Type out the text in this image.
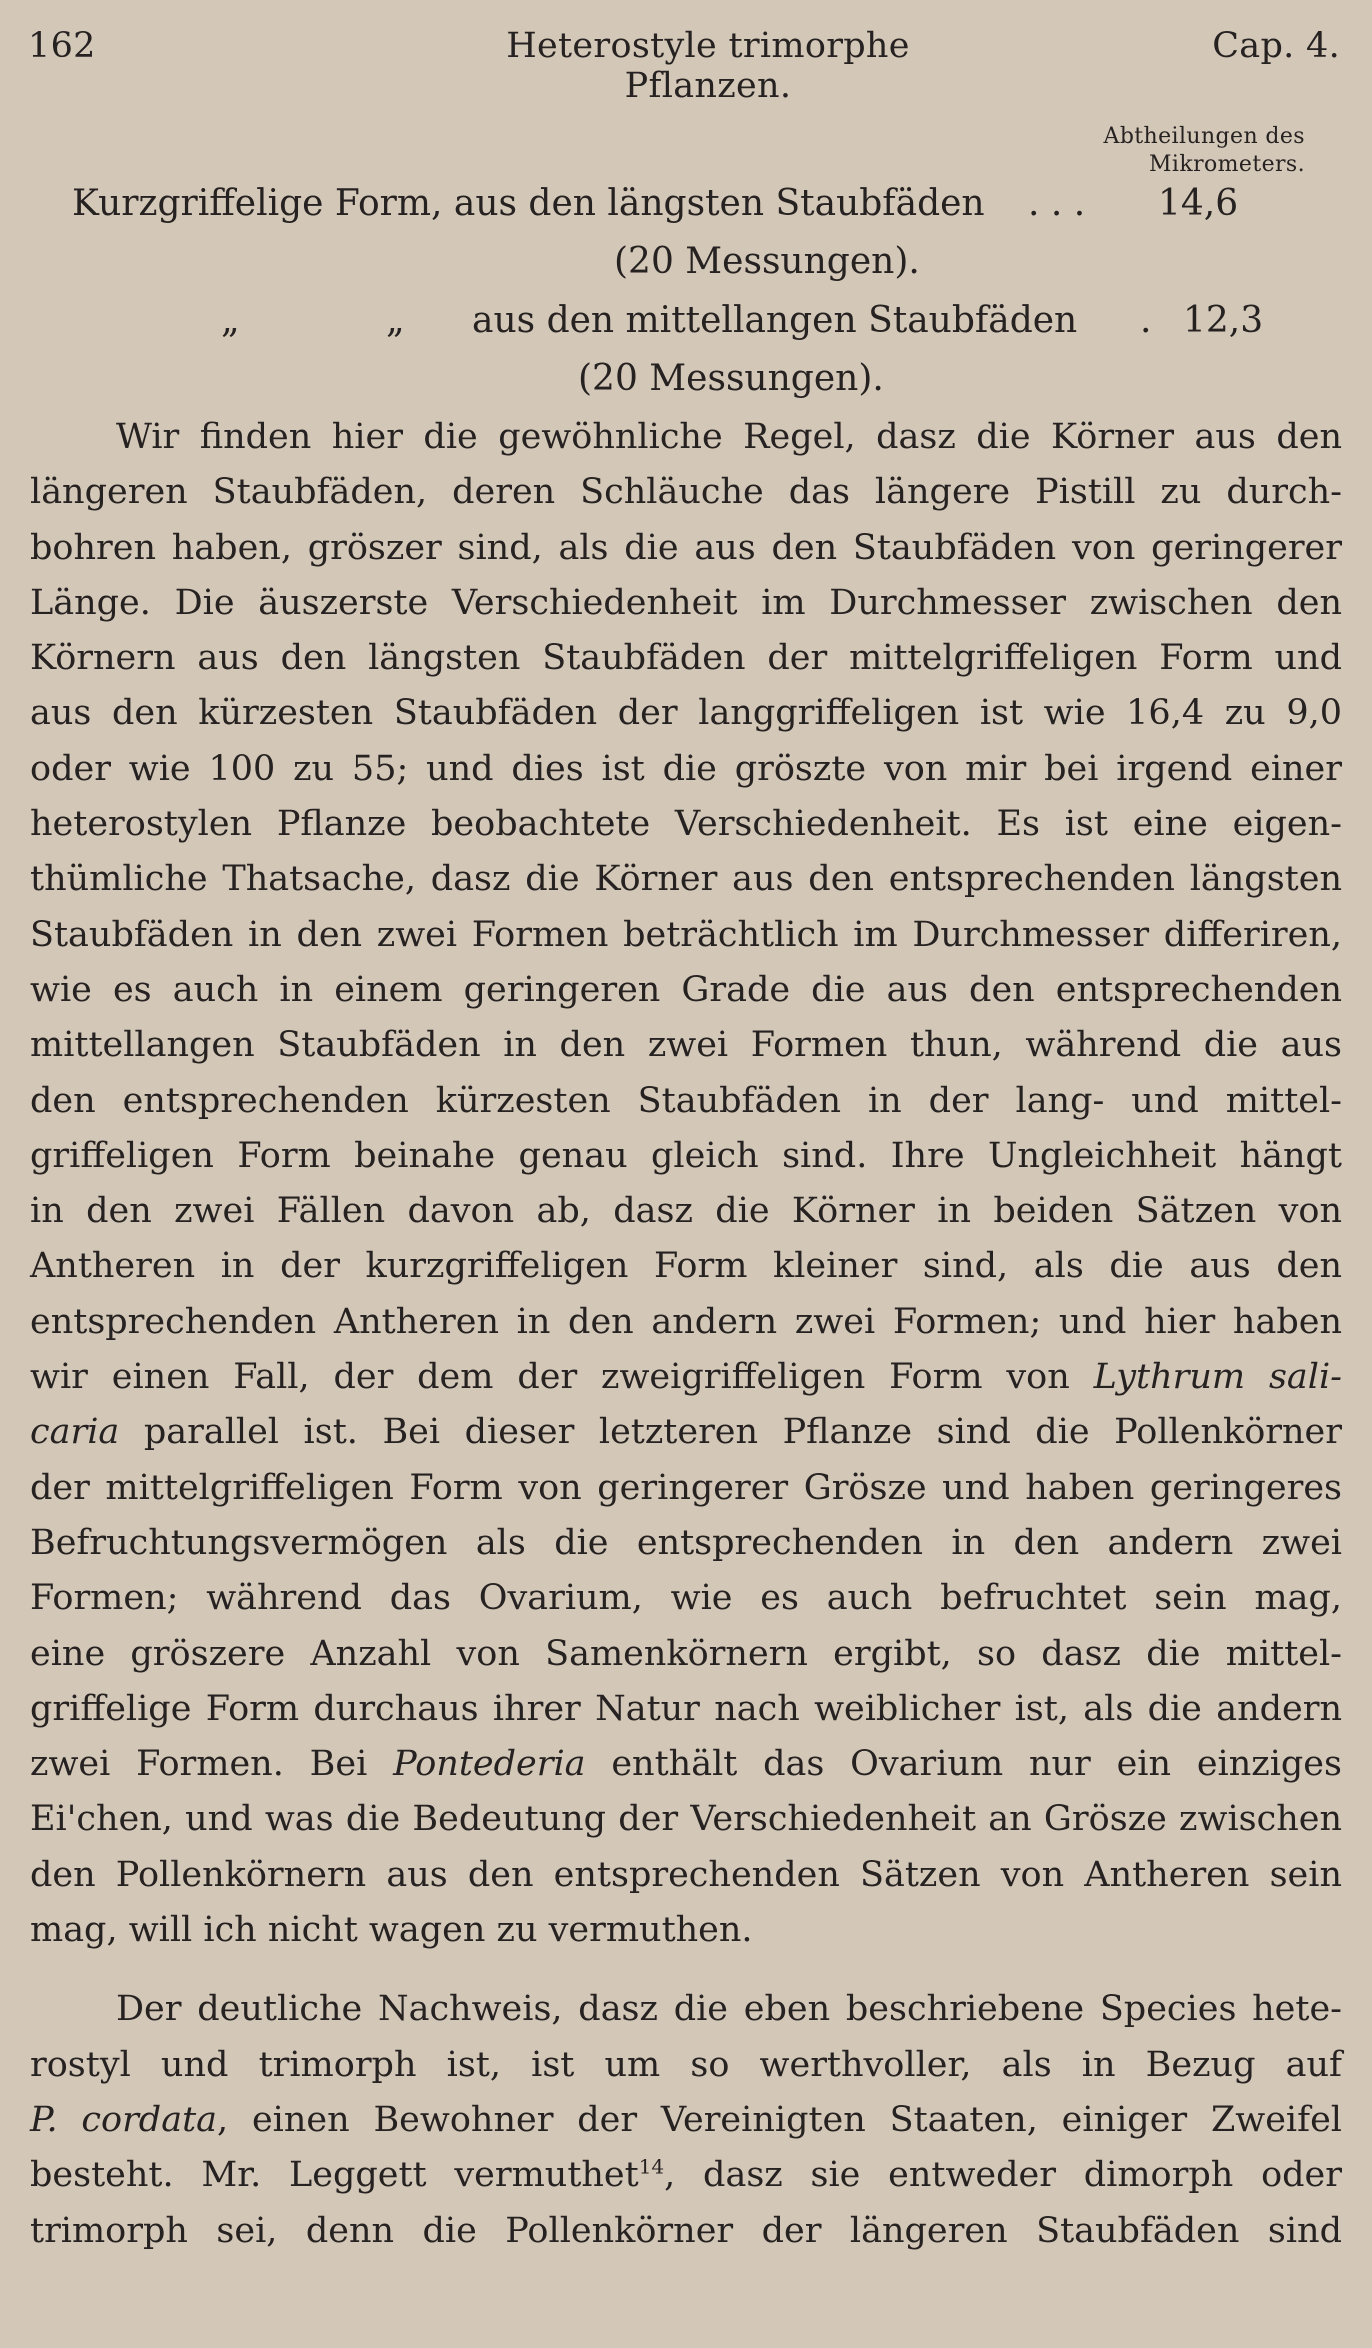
162	Heterostyle trimorphe Pflanzen.
Cap. 4.
Abtheilungen des
Mikrometers.
Kurzgriffelige Form, aus den längsten Staubfäden . . . 14,6
(20 Messungen).
„	„ aus den mittellangen Staubfäden . 12,3
(20 Messungen).
Wir finden hier die gewöhnliche Regel, dasz die Körner aus den
längeren Staubfäden, deren Schläuche das längere Pistill zu durch-
bohren haben, gröszer sind, als die aus den Staubfäden von geringerer
Länge. Die äuszerste Verschiedenheit im Durchmesser zwischen den
Körnern aus den längsten Staubfäden der mittelgriffeligen Form und
aus den kürzesten Staubfäden der langgriffeligen ist wie 16,4 zu 9,0
oder wie 100 zu 55; und dies ist die gröszte von mir bei irgend einer
heterostylen Pflanze beobachtete Verschiedenheit. Es ist eine eigen-
thümliche Thatsache, dasz die Körner aus den entsprechenden längsten
Staubfäden in den zwei Formen beträchtlich im Durchmesser differiren,
wie es auch in einem geringeren Grade die aus den entsprechenden
mittellangen Staubfäden in den zwei Formen thun, während die aus
den entsprechenden kürzesten Staubfäden in der lang- und mittel-
griffeligen Form beinahe genau gleich sind. Ihre Ungleichheit hängt
in den zwei Fällen davon ab, dasz die Körner in beiden Sätzen von
Antheren in der kurzgriffeligen Form kleiner sind, als die aus den
entsprechenden Antheren in den andern zwei Formen; und hier haben
wir einen Fall, der dem der zweigriffeligen Form von Lythrum sali-
caria parallel ist. Bei dieser letzteren Pflanze sind die Pollenkörner
der mittelgriffeligen Form von geringerer Grösze und haben geringeres
Befruchtungsvermögen als die entsprechenden in den andern zwei
Formen; während das Ovarium, wie es auch befruchtet sein mag,
eine gröszere Anzahl von Samenkörnern ergibt, so dasz die mittel-
griffelige Form durchaus ihrer Natur nach weiblicher ist, als die andern
zwei Formen. Bei Pontederia enthält das Ovarium nur ein einziges
Ei'chen, und was die Bedeutung der Verschiedenheit an Grösze zwischen
den Pollenkörnern aus den entsprechenden Sätzen von Antheren sein
mag, will ich nicht wagen zu vermuthen.
Der deutliche Nachweis, dasz die eben beschriebene Species hete-
rostyl und trimorph ist, ist um so werthvoller, als in Bezug auf
P. cordata, einen Bewohner der Vereinigten Staaten, einiger Zweifel
besteht. Mr. Leggett vermuthet$^{14}$, dasz sie entweder dimorph oder
trimorph sei, denn die Pollenkörner der längeren Staubfäden sind
